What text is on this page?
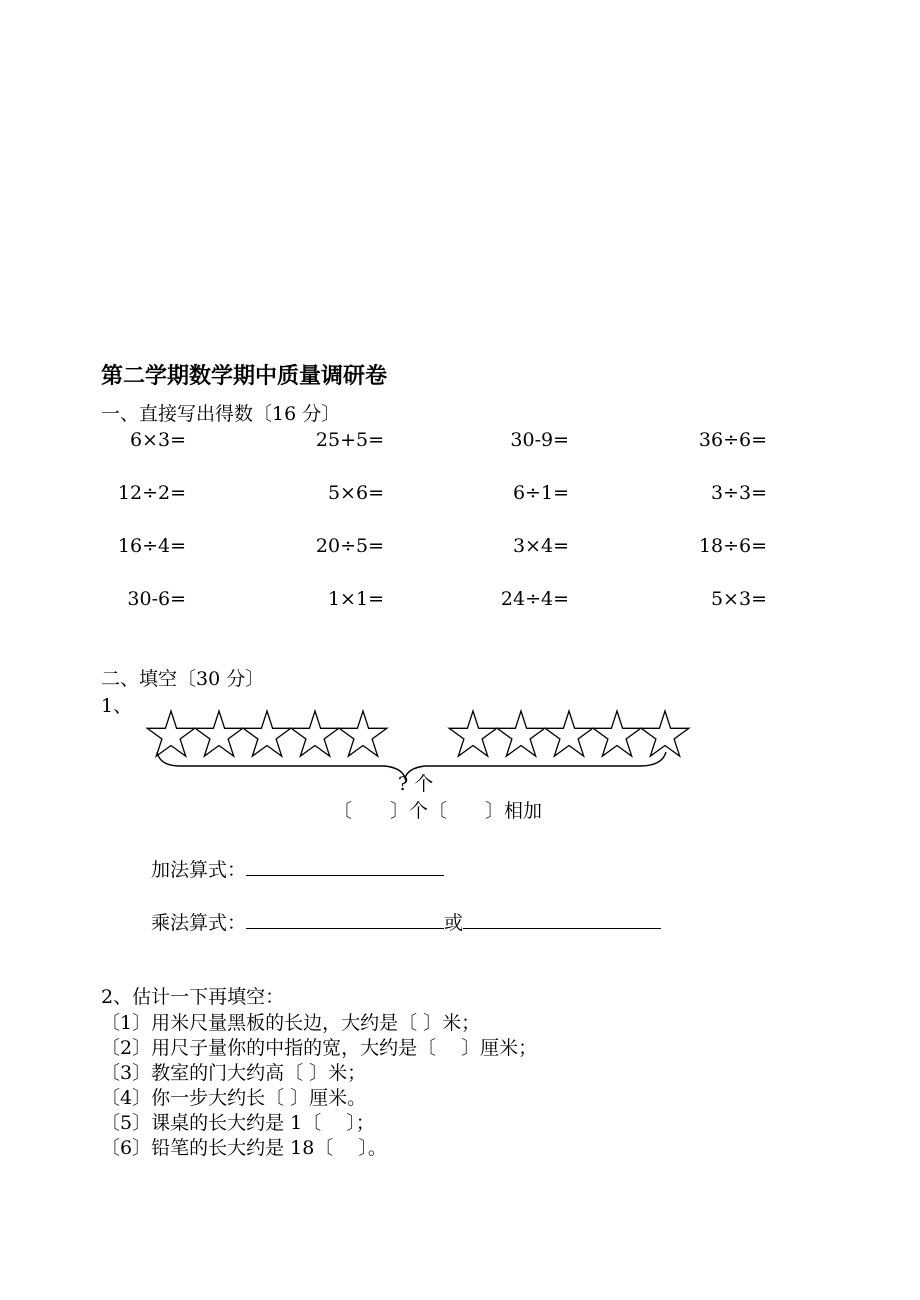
第二学期数学期中质量调研卷
一、直接写出得数〔16 分〕
6×3=	25+5=	30-9=	36÷6=
12÷2=	5×6=	6÷1=	3÷3=
16÷4=	20÷5=	3×4=	18÷6=
30-6=	1×1=	24÷4=	5×3=
二、填空〔30 分〕
1、
? 个
〔　　〕个〔　　〕相加
加法算式：
乘法算式：	或
2、估计一下再填空：
〔1〕用米尺量黑板的长边，大约是〔 〕米；
〔2〕用尺子量你的中指的宽，大约是〔　 〕厘米；
〔3〕教室的门大约高〔 〕米；
〔4〕你一步大约长〔 〕厘米。
〔5〕课桌的长大约是 1〔　 〕；
〔6〕铅笔的长大约是 18〔　 〕。
